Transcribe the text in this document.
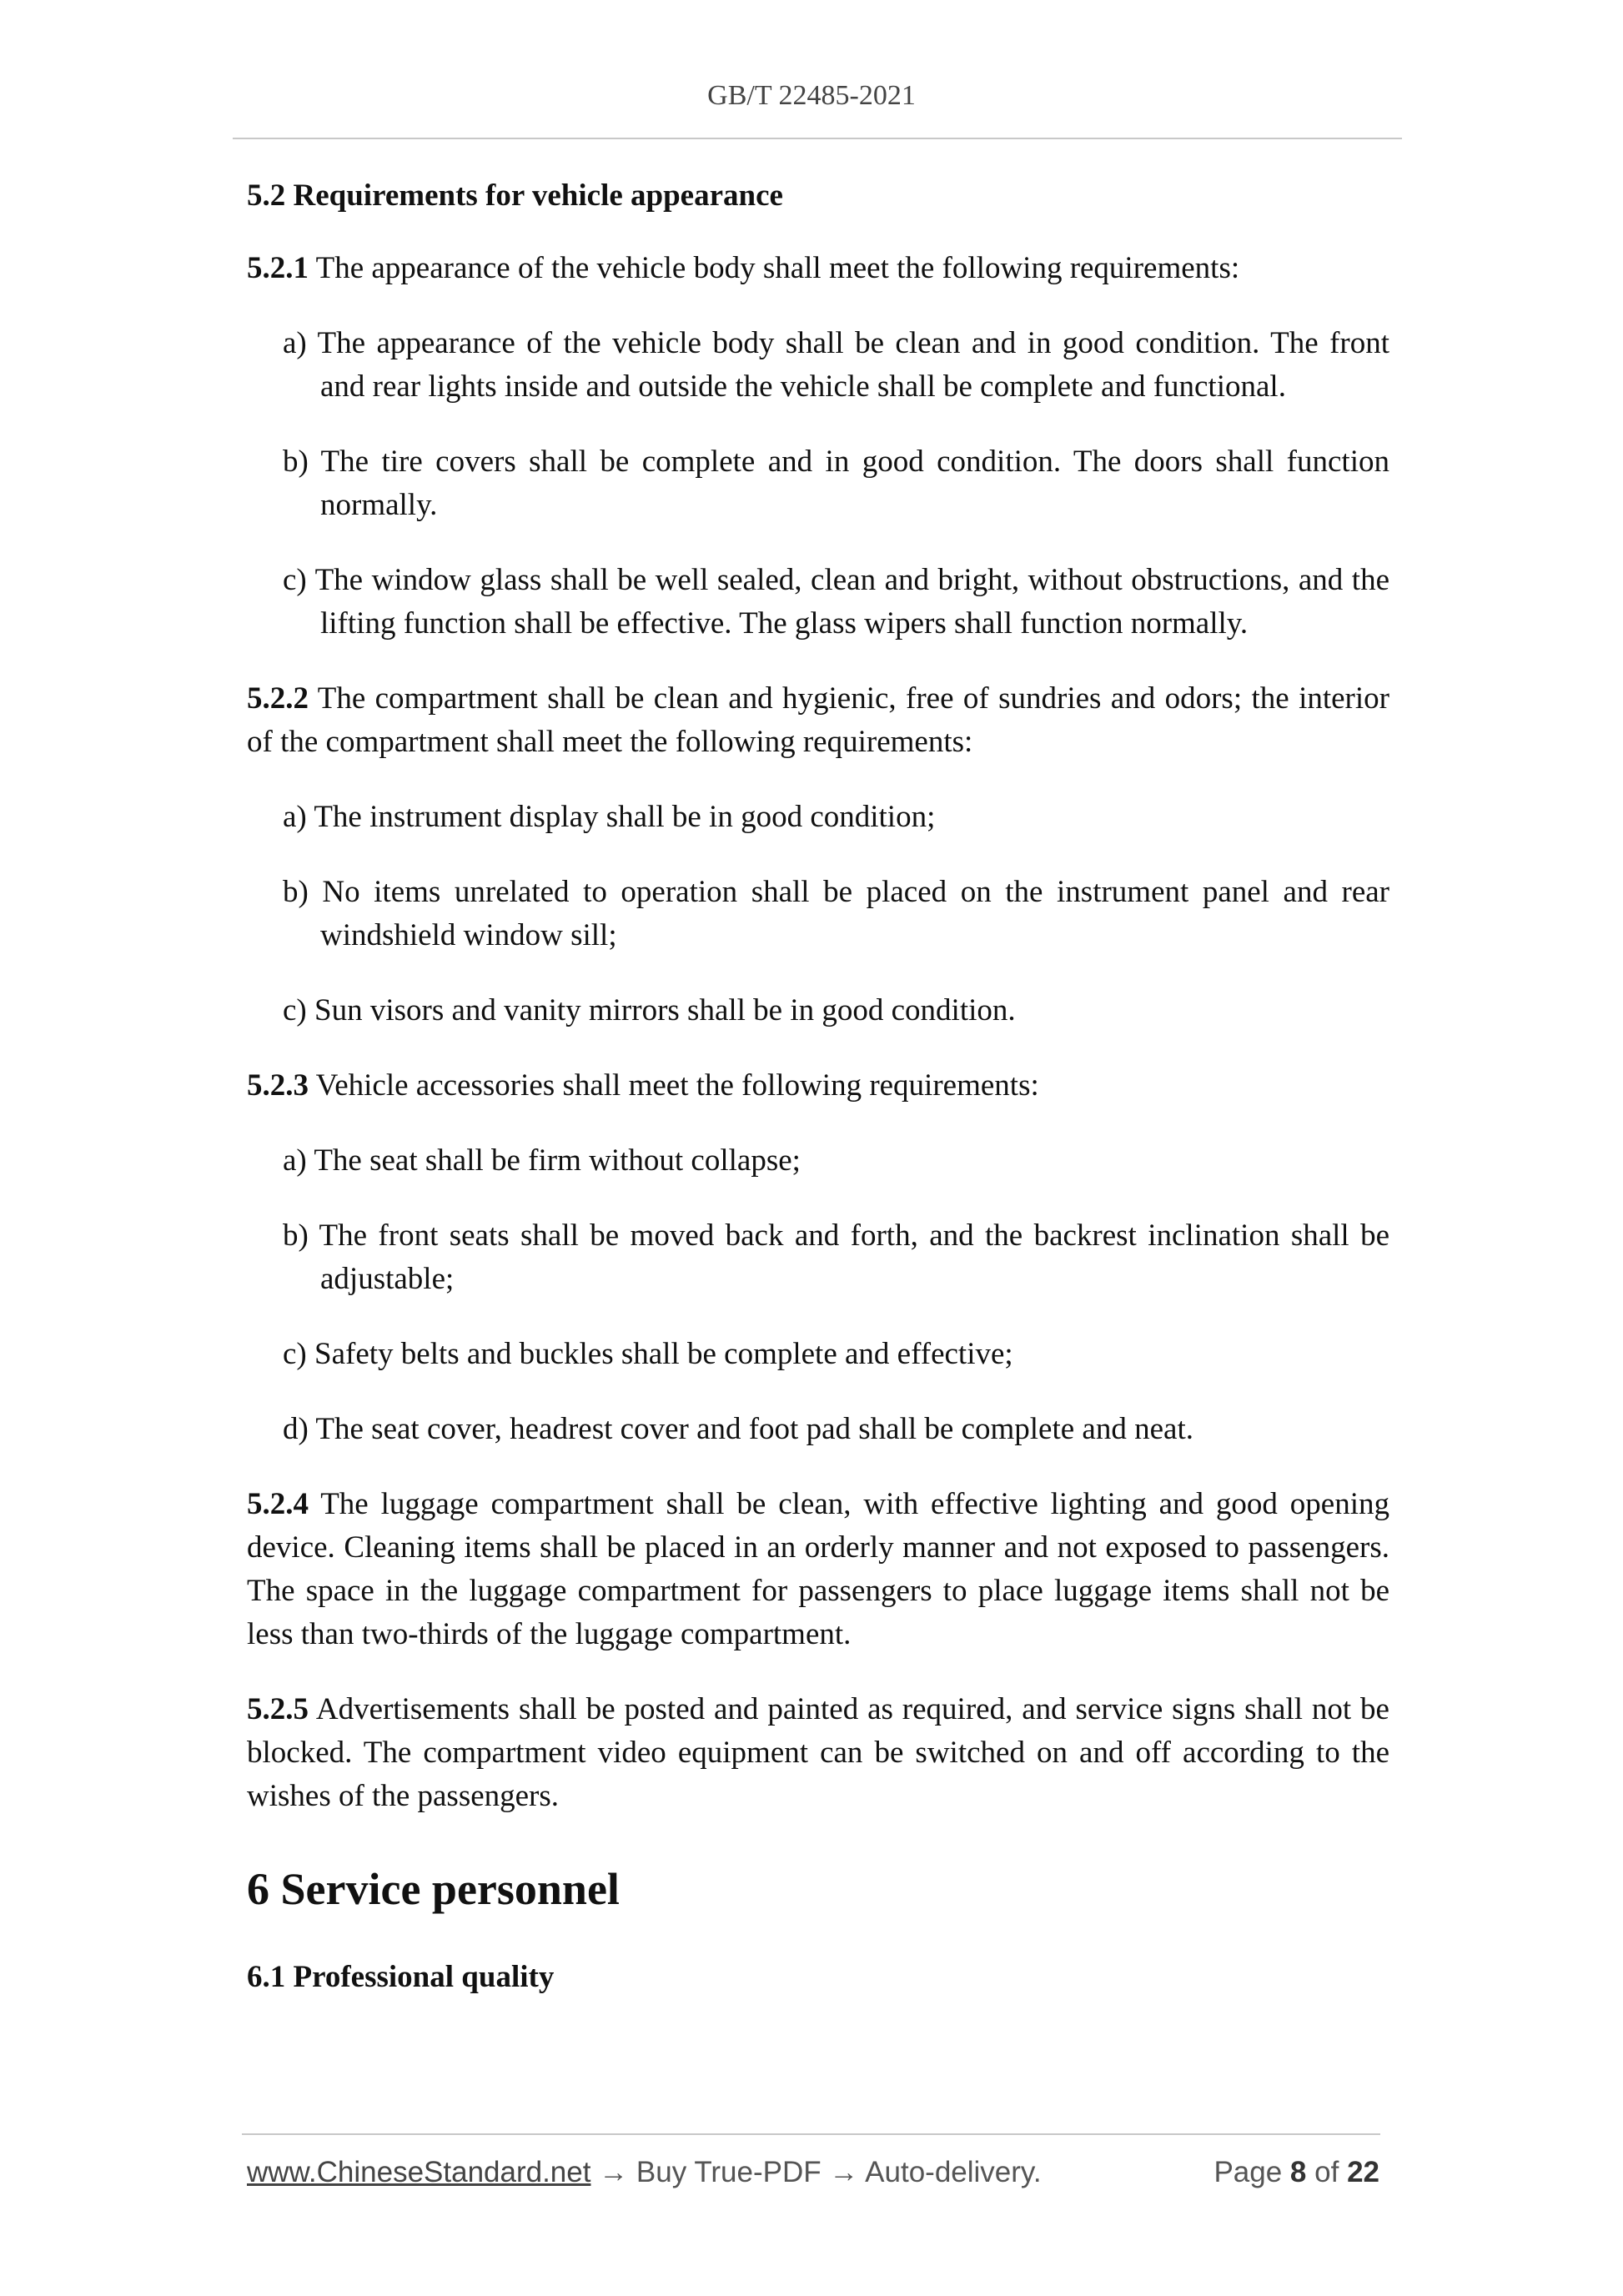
GB/T 22485-2021

5.2 Requirements for vehicle appearance

5.2.1 The appearance of the vehicle body shall meet the following requirements:

a) The appearance of the vehicle body shall be clean and in good condition. The front and rear lights inside and outside the vehicle shall be complete and functional.

b) The tire covers shall be complete and in good condition. The doors shall function normally.

c) The window glass shall be well sealed, clean and bright, without obstructions, and the lifting function shall be effective. The glass wipers shall function normally.

5.2.2 The compartment shall be clean and hygienic, free of sundries and odors; the interior of the compartment shall meet the following requirements:

a) The instrument display shall be in good condition;

b) No items unrelated to operation shall be placed on the instrument panel and rear windshield window sill;

c) Sun visors and vanity mirrors shall be in good condition.

5.2.3 Vehicle accessories shall meet the following requirements:

a) The seat shall be firm without collapse;

b) The front seats shall be moved back and forth, and the backrest inclination shall be adjustable;

c) Safety belts and buckles shall be complete and effective;

d) The seat cover, headrest cover and foot pad shall be complete and neat.

5.2.4 The luggage compartment shall be clean, with effective lighting and good opening device. Cleaning items shall be placed in an orderly manner and not exposed to passengers. The space in the luggage compartment for passengers to place luggage items shall not be less than two-thirds of the luggage compartment.

5.2.5 Advertisements shall be posted and painted as required, and service signs shall not be blocked. The compartment video equipment can be switched on and off according to the wishes of the passengers.

6 Service personnel

6.1 Professional quality

www.ChineseStandard.net → Buy True-PDF → Auto-delivery.	Page 8 of 22
